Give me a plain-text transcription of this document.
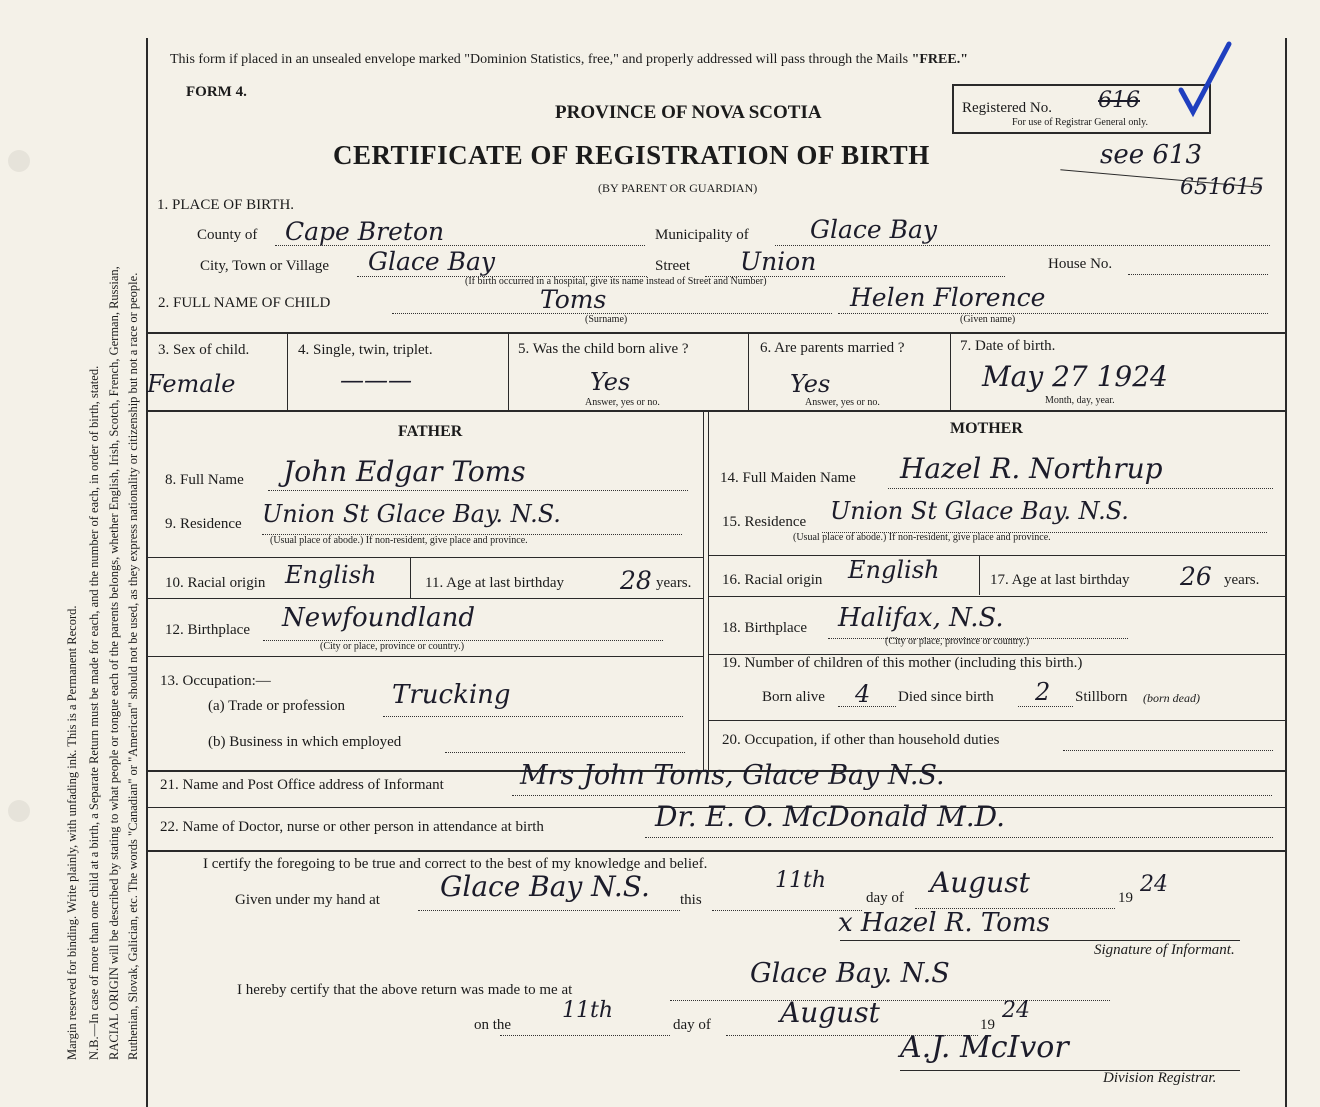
Margin reserved for binding. Write plainly, with unfading ink. This is a Permanent Record. N.B.—In case of more than one child at a birth, a Separate Return must be made for each, and the number of each, in order of birth, stated. RACIAL ORIGIN will be described by stating to what people or tongue each of the parents belongs, whether English, Irish, Scotch, French, German, Russian, Ruthenian, Slovak, Galician, etc. The words "Canadian" or "American" should not be used, as they express nationality or citizenship but not a race or people.
This form if placed in an unsealed envelope marked "Dominion Statistics, free," and properly addressed will pass through the Mails "FREE."
FORM 4.
PROVINCE OF NOVA SCOTIA	Registered No. 616
For use of Registrar General only.
CERTIFICATE OF REGISTRATION OF BIRTH	see 613
(BY PARENT OR GUARDIAN)	651615
1. PLACE OF BIRTH.
County of Cape Breton	Municipality of Glace Bay
City, Town or Village Glace Bay	Street Union	House No.
(If birth occurred in a hospital, give its name instead of Street and Number)
2. FULL NAME OF CHILD	Toms
(Surname)
Helen Florence
(Given name)
3. Sex of child.
Female
4. Single, twin, triplet.
———
5. Was the child born alive ?
Yes
Answer, yes or no.
6. Are parents married ?
Yes
Answer, yes or no.
7. Date of birth.
May 27 1924
Month, day, year.
FATHER	MOTHER
8. Full Name John Edgar Toms
9. Residence Union St Glace Bay. N.S.
(Usual place of abode.) If non-resident, give place and province.
10. Racial origin English	11. Age at last birthday 28 years.
12. Birthplace Newfoundland
(City or place, province or country.)
13. Occupation:—
(a) Trade or profession Trucking
(b) Business in which employed
14. Full Maiden Name Hazel R. Northrup
15. Residence Union St Glace Bay. N.S.
(Usual place of abode.) If non-resident, give place and province.
16. Racial origin English	17. Age at last birthday 26 years.
18. Birthplace Halifax, N.S.
(City or place, province or country.)
19. Number of children of this mother (including this birth.)
Born alive 4 Died since birth 2 Stillborn (born dead)
20. Occupation, if other than household duties
21. Name and Post Office address of Informant	Mrs John Toms, Glace Bay N.S.
22. Name of Doctor, nurse or other person in attendance at birth	Dr. E. O. McDonald M.D.
I certify the foregoing to be true and correct to the best of my knowledge and belief.
Given under my hand at Glace Bay N.S. this
11th
day of August	19
24
x Hazel R. Toms
Signature of Informant.
I hereby certify that the above return was made to me at
Glace Bay. N.S
on the
11th
day of August	19
24
A.J. McIvor
Division Registrar.
